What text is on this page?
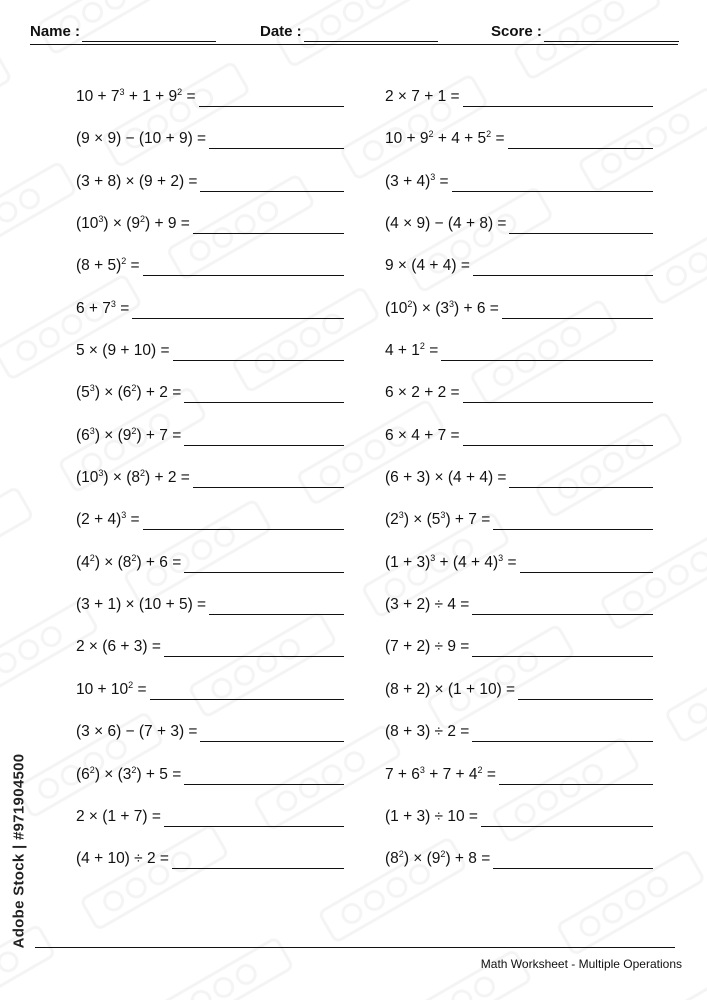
Name :	Date :	Score :
$10 + 7^3 + 1 + 9^2$ =
(9 × 9) − (10 + 9) =
(3 + 8) × (9 + 2) =
$(10^3) \times (9^2) + 9$ =
$(8 + 5)^2$ =
$6 + 7^3$ =
5 × (9 + 10) =
$(5^3) \times (6^2) + 2$ =
$(6^3) \times (9^2) + 7$ =
$(10^3) \times (8^2) + 2$ =
$(2 + 4)^3$ =
$(4^2) \times (8^2) + 6$ =
(3 + 1) × (10 + 5) =
2 × (6 + 3) =
$10 + 10^2$ =
(3 × 6) − (7 + 3) =
$(6^2) \times (3^2) + 5$ =
2 × (1 + 7) =
(4 + 10) ÷ 2 =
2 × 7 + 1 =
$10 + 9^2 + 4 + 5^2$ =
$(3 + 4)^3$ =
(4 × 9) − (4 + 8) =
9 × (4 + 4) =
$(10^2) \times (3^3) + 6$ =
$4 + 1^2$ =
6 × 2 + 2 =
6 × 4 + 7 =
(6 + 3) × (4 + 4) =
$(2^3) \times (5^3) + 7$ =
$(1 + 3)^3 + (4 + 4)^3$ =
(3 + 2) ÷ 4 =
(7 + 2) ÷ 9 =
(8 + 2) × (1 + 10) =
(8 + 3) ÷ 2 =
$7 + 6^3 + 7 + 4^2$ =
(1 + 3) ÷ 10 =
$(8^2) \times (9^2) + 8$ =
Math Worksheet - Multiple Operations
Adobe Stock | #971904500
